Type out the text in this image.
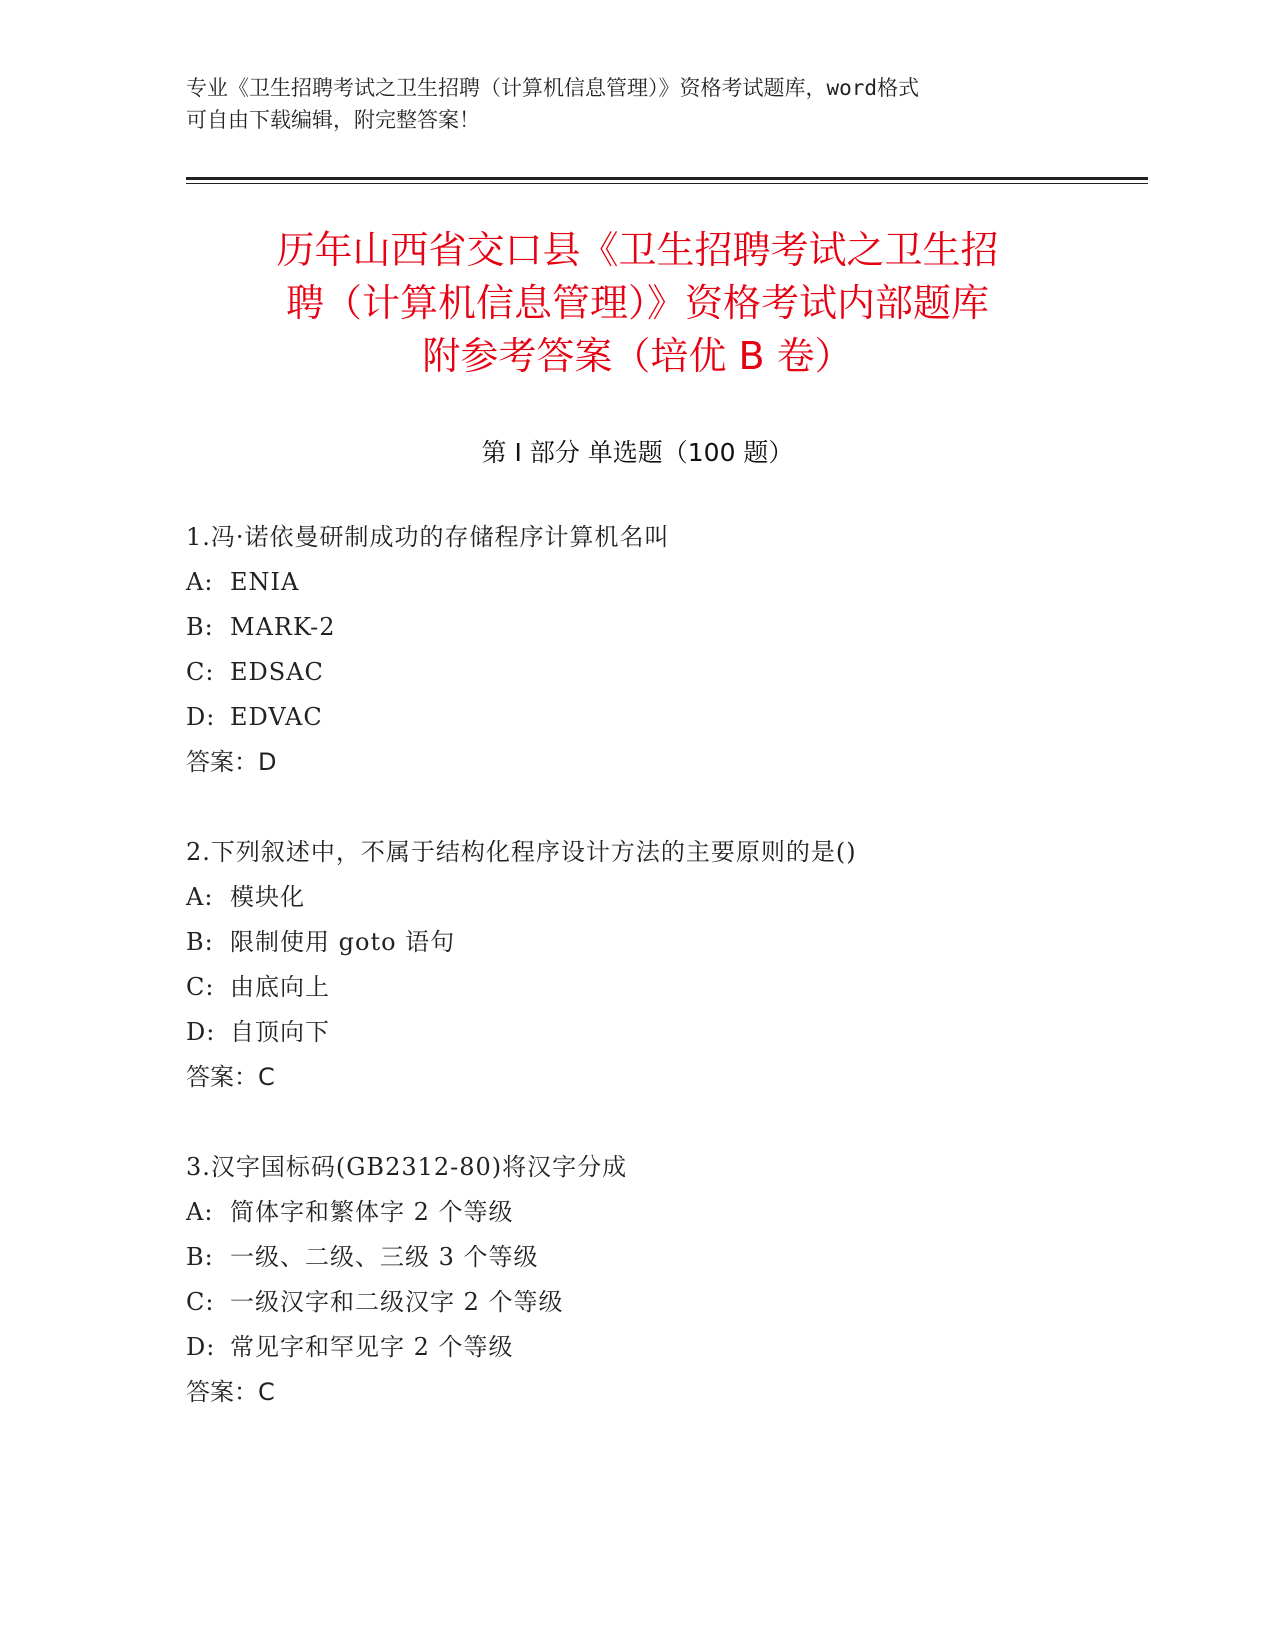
专业《卫生招聘考试之卫生招聘（计算机信息管理）》资格考试题库，word格式
可自由下载编辑，附完整答案！
历年山西省交口县《卫生招聘考试之卫生招
聘（计算机信息管理）》资格考试内部题库
附参考答案（培优 B 卷）
第 I 部分 单选题（100 题）
1.冯·诺依曼研制成功的存储程序计算机名叫
A: ENIA
B: MARK-2
C: EDSAC
D: EDVAC
答案：D
2.下列叙述中，不属于结构化程序设计方法的主要原则的是()
A: 模块化
B: 限制使用 goto 语句
C: 由底向上
D: 自顶向下
答案：C
3.汉字国标码(GB2312-80)将汉字分成
A: 简体字和繁体字 2 个等级
B: 一级、二级、三级 3 个等级
C: 一级汉字和二级汉字 2 个等级
D: 常见字和罕见字 2 个等级
答案：C
